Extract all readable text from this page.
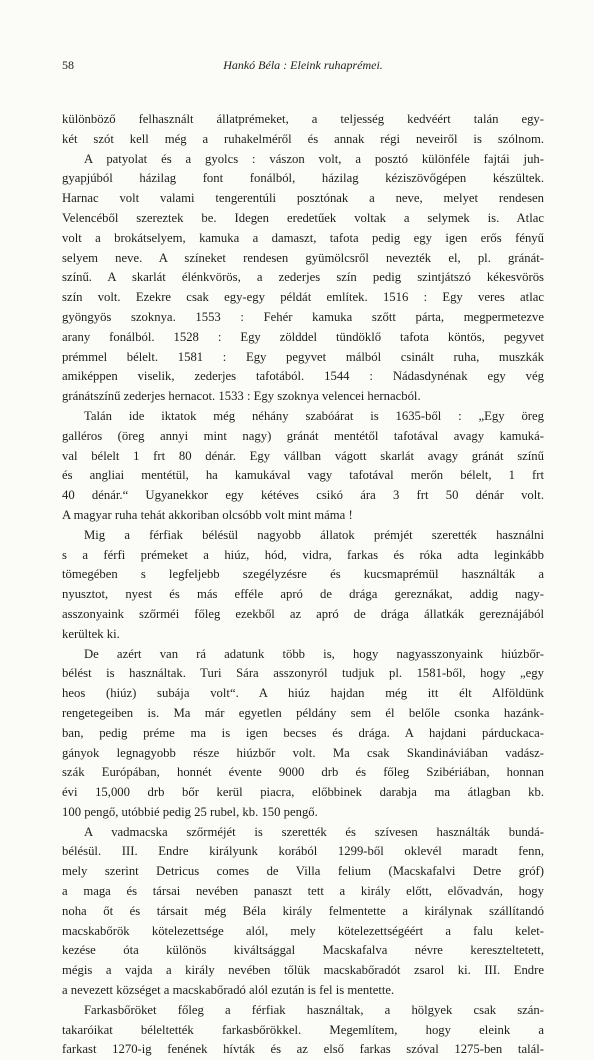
58	Hankó Béla : Eleink ruhaprémei.
különböző felhasznált állatprémeket, a teljesség kedvéért talán egy-
két szót kell még a ruhakelméről és annak régi neveiről is szólnom.
A patyolat és a gyolcs : vászon volt, a posztó különféle fajtái juh-
gyapjúból házilag font fonálból, házilag kéziszövőgépen készültek.
Harnac volt valami tengerentúli posztónak a neve, melyet rendesen
Velencéből szereztek be. Idegen eredetűek voltak a selymek is. Atlac
volt a brokátselyem, kamuka a damaszt, tafota pedig egy igen erős fényű
selyem neve. A színeket rendesen gyümölcsről nevezték el, pl. gránát-
színű. A skarlát élénkvörös, a zederjes szín pedig szintjátszó kékesvörös
szín volt. Ezekre csak egy-egy példát említek. 1516 : Egy veres atlac
gyöngyös szoknya. 1553 : Fehér kamuka szőtt pártа, megpermetezve
arany fonálból. 1528 : Egy zölddel tündöklő tafota köntös, pegyvet
prémmel bélelt. 1581 : Egy pegyvet málból csinált ruha, muszkák
amiképpen viselik, zederjes tafotából. 1544 : Nádasdynénak egy vég
gránátszínű zederjes hernacot. 1533 : Egy szoknya velencei hernacból.
Talán ide iktatok még néhány szabóárat is 1635-ből : „Egy öreg
galléros (öreg annyi mint nagy) gránát mentétől tafotával avagy kamuká-
val bélelt 1 frt 80 dénár. Egy vállban vágott skarlát avagy gránát színű
és angliai mentétül, ha kamukával vagy tafotával merőn bélelt, 1 frt
40 dénár.“ Ugyanekkor egy kétéves csikó ára 3 frt 50 dénár volt.
A magyar ruha tehát akkoriban olcsóbb volt mint máma !
Mig a férfiak bélésül nagyobb állatok prémjét szerették használni
s a férfi prémeket a hiúz, hód, vidra, farkas és róka adta leginkább
tömegében s legfeljebb szegélyzésre és kucsmaprémül használták a
nyusztot, nyest és más efféle apró de drága gereznákat, addig nagy-
asszonyaink szőrméi főleg ezekből az apró de drága állatkák gereznájából
kerültek ki.
De azért van rá adatunk több is, hogy nagyasszonyaink hiúzbőr-
bélést is használtak. Turi Sára asszonyról tudjuk pl. 1581-ből, hogy „egy
heos (hiúz) subája volt“. A hiúz hajdan még itt élt Alföldünk
rengetegeiben is. Ma már egyetlen példány sem él belőle csonka hazánk-
ban, pedig préme ma is igen becses és drága. A hajdani párduckaca-
gányok legnagyobb része hiúzbőr volt. Ma csak Skandináviában vadász-
szák Európában, honnét évente 9000 drb és főleg Szibériában, honnan
évi 15,000 drb bőr kerül piacra, előbbinek darabja ma átlagban kb.
100 pengő, utóbbié pedig 25 rubel, kb. 150 pengő.
A vadmacska szőrméjét is szerették és szívesen használták bundá-
bélésül. III. Endre királyunk korából 1299-ből oklevél maradt fenn,
mely szerint Detricus comes de Villa felium (Macskafalvi Detre gróf)
a magа és társai nevében panaszt tett a király előtt, elővadván, hogy
noha őt és társait még Béla király felmentette a királynak szállítandó
macskabőrök kötelezettsége alól, mely kötelezettségéért a falu kelet-
kezése óta különös kiváltsággal Macskafalva névre kereszteltetett,
mégis a vajda a király nevében tőlük macskabőradót zsarol ki. III. Endre
a nevezett községet a macskabőradó alól ezután is fel is mentette.
Farkasbőröket főleg a férfiak használtak, a hölgyek csak szán-
takaróikat béleltették farkasbőrökkel. Megemlítem, hogy eleink a
farkast 1270-ig fenének hívták és az első farkas szóval 1275-ben talál-
